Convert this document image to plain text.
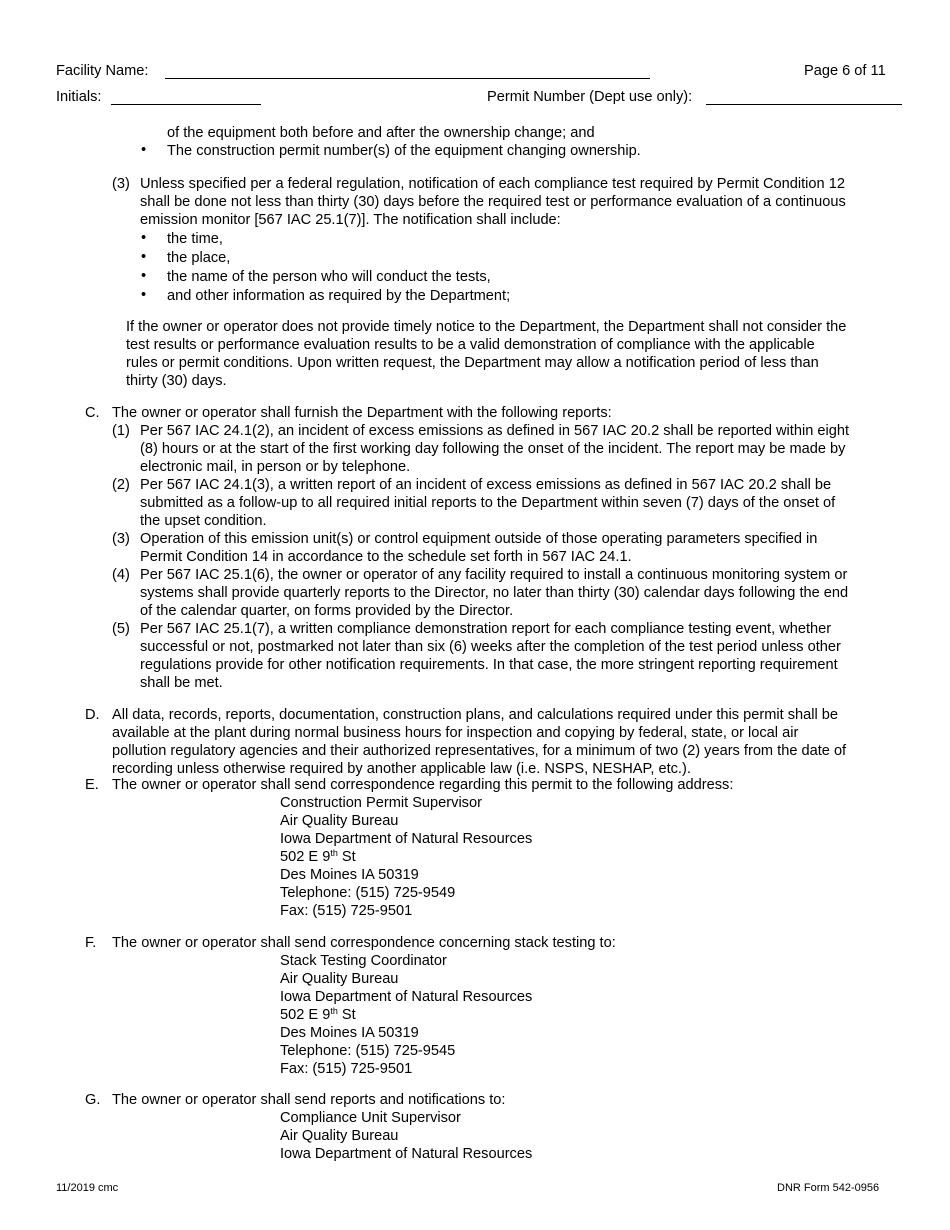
Facility Name:	Page 6 of 11
Initials:	Permit Number (Dept use only):
of the equipment both before and after the ownership change; and
• The construction permit number(s) of the equipment changing ownership.
(3) Unless specified per a federal regulation, notification of each compliance test required by Permit Condition 12
shall be done not less than thirty (30) days before the required test or performance evaluation of a continuous
emission monitor [567 IAC 25.1(7)]. The notification shall include:
• the time,
• the place,
• the name of the person who will conduct the tests,
• and other information as required by the Department;
If the owner or operator does not provide timely notice to the Department, the Department shall not consider the
test results or performance evaluation results to be a valid demonstration of compliance with the applicable
rules or permit conditions. Upon written request, the Department may allow a notification period of less than
thirty (30) days.
C. The owner or operator shall furnish the Department with the following reports:
(1) Per 567 IAC 24.1(2), an incident of excess emissions as defined in 567 IAC 20.2 shall be reported within eight
(8) hours or at the start of the first working day following the onset of the incident. The report may be made by
electronic mail, in person or by telephone.
(2) Per 567 IAC 24.1(3), a written report of an incident of excess emissions as defined in 567 IAC 20.2 shall be
submitted as a follow-up to all required initial reports to the Department within seven (7) days of the onset of
the upset condition.
(3) Operation of this emission unit(s) or control equipment outside of those operating parameters specified in
Permit Condition 14 in accordance to the schedule set forth in 567 IAC 24.1.
(4) Per 567 IAC 25.1(6), the owner or operator of any facility required to install a continuous monitoring system or
systems shall provide quarterly reports to the Director, no later than thirty (30) calendar days following the end
of the calendar quarter, on forms provided by the Director.
(5) Per 567 IAC 25.1(7), a written compliance demonstration report for each compliance testing event, whether
successful or not, postmarked not later than six (6) weeks after the completion of the test period unless other
regulations provide for other notification requirements. In that case, the more stringent reporting requirement
shall be met.
D. All data, records, reports, documentation, construction plans, and calculations required under this permit shall be
available at the plant during normal business hours for inspection and copying by federal, state, or local air
pollution regulatory agencies and their authorized representatives, for a minimum of two (2) years from the date of
recording unless otherwise required by another applicable law (i.e. NSPS, NESHAP, etc.).
E. The owner or operator shall send correspondence regarding this permit to the following address:
Construction Permit Supervisor
Air Quality Bureau
Iowa Department of Natural Resources
502 E 9th St
Des Moines IA 50319
Telephone: (515) 725-9549
Fax: (515) 725-9501
F. The owner or operator shall send correspondence concerning stack testing to:
Stack Testing Coordinator
Air Quality Bureau
Iowa Department of Natural Resources
502 E 9th St
Des Moines IA 50319
Telephone: (515) 725-9545
Fax: (515) 725-9501
G. The owner or operator shall send reports and notifications to:
Compliance Unit Supervisor
Air Quality Bureau
Iowa Department of Natural Resources
11/2019 cmc	DNR Form 542-0956
